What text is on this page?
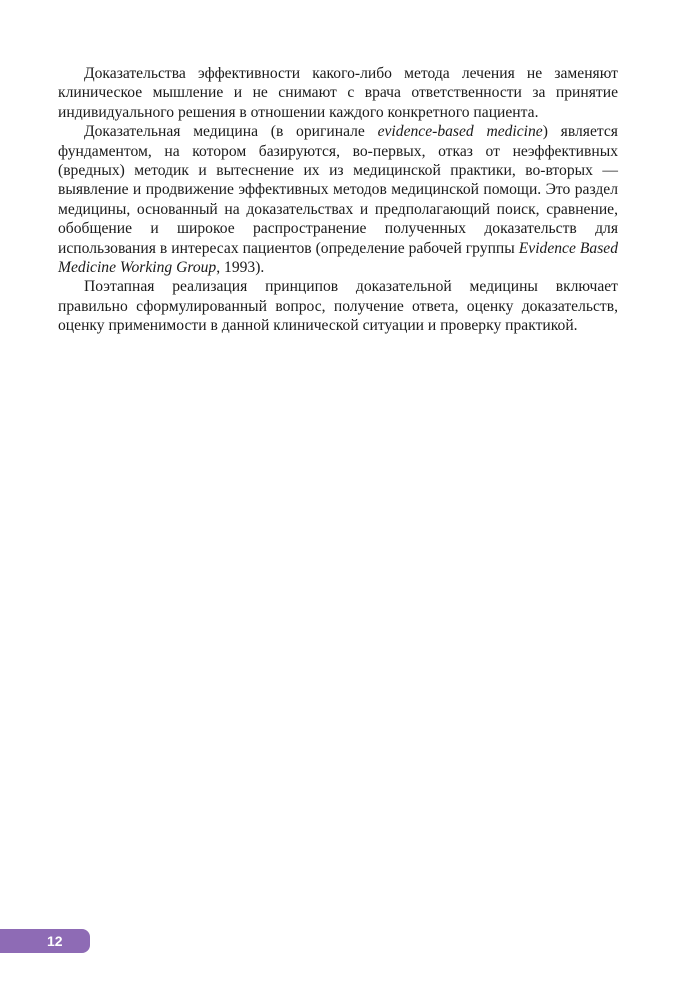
Доказательства эффективности какого-либо метода лечения не заменяют клиническое мышление и не снимают с врача ответственности за принятие индивидуального решения в отношении каждого конкретного пациента.

Доказательная медицина (в оригинале evidence-based medicine) является фундаментом, на котором базируются, во-первых, отказ от неэффективных (вредных) методик и вытеснение их из медицинской практики, во-вторых — выявление и продвижение эффективных методов медицинской помощи. Это раздел медицины, основанный на доказательствах и предполагающий поиск, сравнение, обобщение и широкое распространение полученных доказательств для использования в интересах пациентов (определение рабочей группы Evidence Based Medicine Working Group, 1993).

Поэтапная реализация принципов доказательной медицины включает правильно сформулированный вопрос, получение ответа, оценку доказательств, оценку применимости в данной клинической ситуации и проверку практикой.

12
